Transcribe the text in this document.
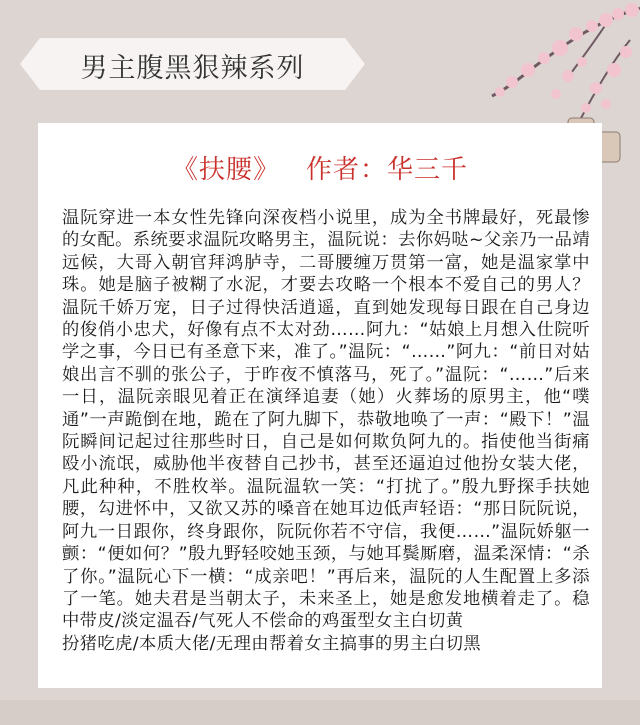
男主腹黑狠辣系列
《扶腰》 作者：华三千

温阮穿进一本女性先锋向深夜档小说里，成为全书牌最好，死最惨的女配。系统要求温阮攻略男主，温阮说：去你妈哒~父亲乃一品靖远候，大哥入朝官拜鸿胪寺，二哥腰缠万贯第一富，她是温家掌中珠。她是脑子被糊了水泥，才要去攻略一个根本不爱自己的男人？温阮千娇万宠，日子过得快活逍遥，直到她发现每日跟在自己身边的俊俏小忠犬，好像有点不太对劲……阿九：“姑娘上月想入仕院听学之事，今日已有圣意下来，准了。”温阮：“……”阿九：“前日对姑娘出言不驯的张公子，于昨夜不慎落马，死了。”温阮：“……”后来一日，温阮亲眼见着正在演绎追妻（她）火葬场的原男主，他“噗通”一声跪倒在地，跪在了阿九脚下，恭敬地唤了一声：“殿下！”温阮瞬间记起过往那些时日，自己是如何欺负阿九的。指使他当街痛殴小流氓，威胁他半夜替自己抄书，甚至还逼迫过他扮女装大佬，凡此种种，不胜枚举。温阮温软一笑：“打扰了。”殷九野探手扶她腰，勾进怀中，又欲又苏的嗓音在她耳边低声轻语：“那日阮阮说，阿九一日跟你，终身跟你，阮阮你若不守信，我便……”温阮娇躯一颤：“便如何？”殷九野轻咬她玉颈，与她耳鬓厮磨，温柔深情：“杀了你。”温阮心下一横：“成亲吧！”再后来，温阮的人生配置上多添了一笔。她夫君是当朝太子，未来圣上，她是愈发地横着走了。稳中带皮/淡定温吞/气死人不偿命的鸡蛋型女主白切黄
扮猪吃虎/本质大佬/无理由帮着女主搞事的男主白切黑
